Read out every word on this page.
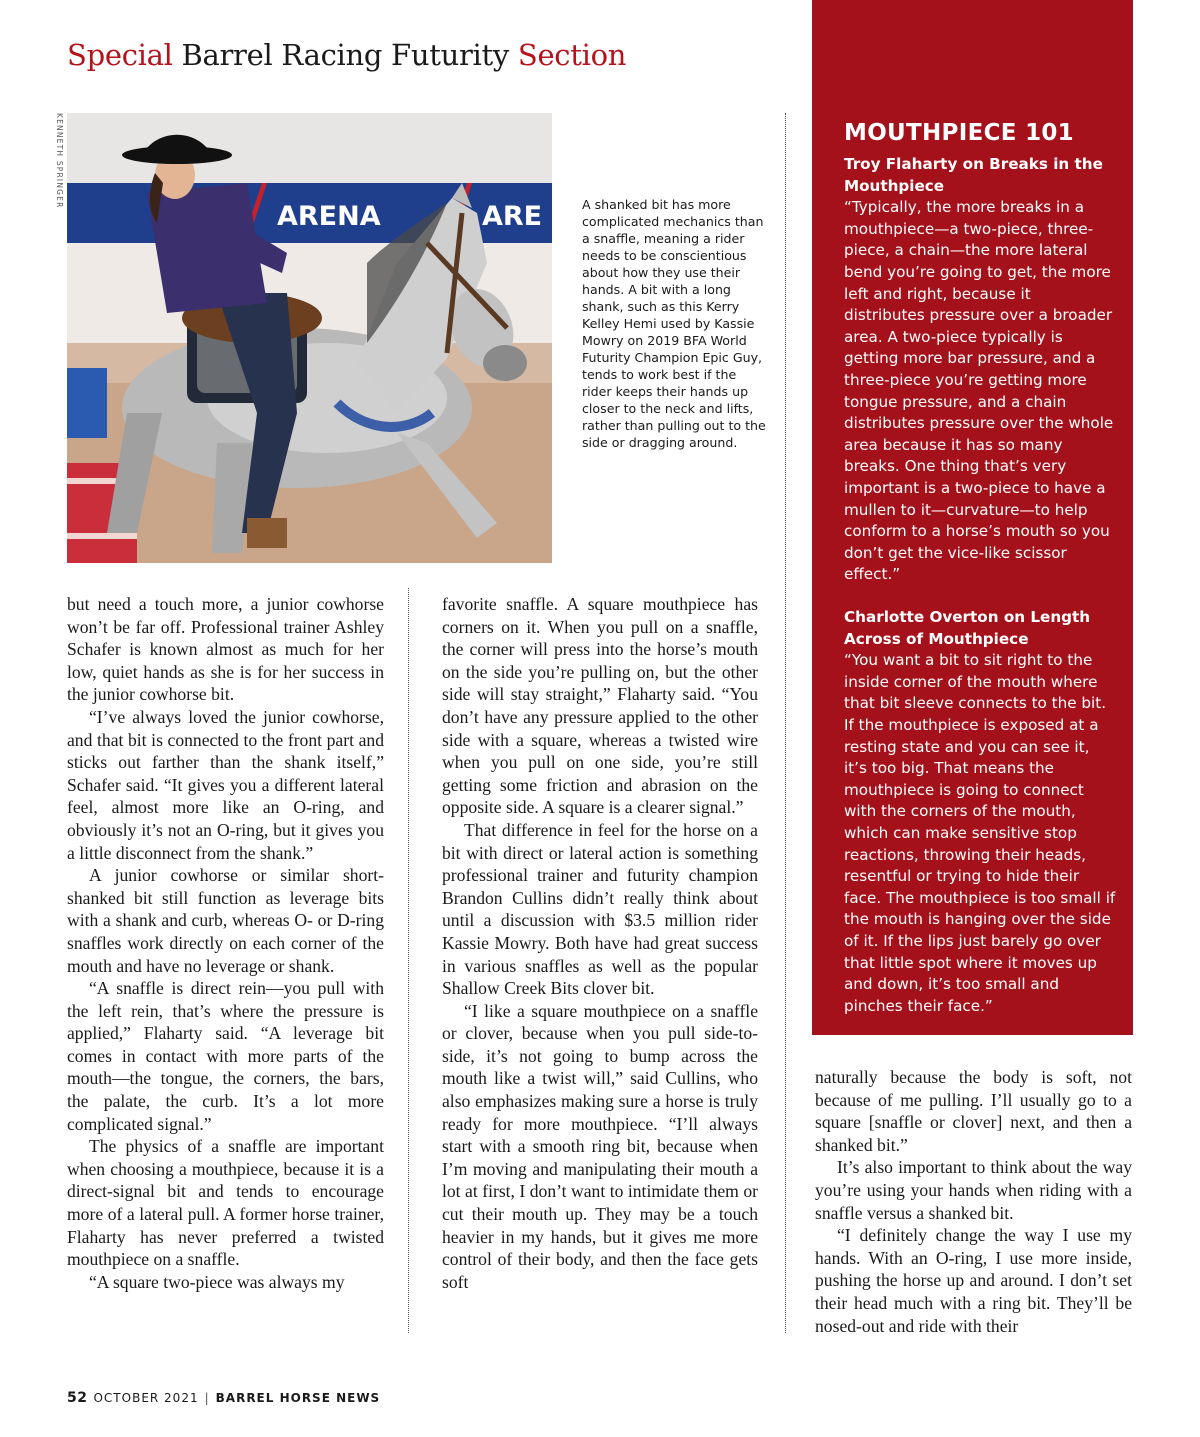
Special Barrel Racing Futurity Section
KENNETH SPRINGER
ARENA	ARE	A shanked bit has more complicated mechanics than a snaffle, meaning a rider needs to be conscientious about how they use their hands. A bit with a long shank, such as this Kerry Kelley Hemi used by Kassie Mowry on 2019 BFA World Futurity Champion Epic Guy, tends to work best if the rider keeps their hands up closer to the neck and lifts, rather than pulling out to the side or dragging around.

but need a touch more, a junior cowhorse won’t be far off. Professional trainer Ashley Schafer is known almost as much for her low, quiet hands as she is for her success in the junior cowhorse bit.

“I’ve always loved the junior cowhorse, and that bit is connected to the front part and sticks out farther than the shank itself,” Schafer said. “It gives you a different lateral feel, almost more like an O-ring, and obviously it’s not an O-ring, but it gives you a little disconnect from the shank.”

A junior cowhorse or similar short-shanked bit still function as leverage bits with a shank and curb, whereas O- or D-ring snaffles work directly on each corner of the mouth and have no leverage or shank.

“A snaffle is direct rein—you pull with the left rein, that’s where the pressure is applied,” Flaharty said. “A leverage bit comes in contact with more parts of the mouth—the tongue, the corners, the bars, the palate, the curb. It’s a lot more complicated signal.”

The physics of a snaffle are important when choosing a mouthpiece, because it is a direct-signal bit and tends to encourage more of a lateral pull. A former horse trainer, Flaharty has never preferred a twisted mouthpiece on a snaffle.

“A square two-piece was always my

favorite snaffle. A square mouthpiece has corners on it. When you pull on a snaffle, the corner will press into the horse’s mouth on the side you’re pulling on, but the other side will stay straight,” Flaharty said. “You don’t have any pressure applied to the other side with a square, whereas a twisted wire when you pull on one side, you’re still getting some friction and abrasion on the opposite side. A square is a clearer signal.”

That difference in feel for the horse on a bit with direct or lateral action is something professional trainer and futurity champion Brandon Cullins didn’t really think about until a discussion with $3.5 million rider Kassie Mowry. Both have had great success in various snaffles as well as the popular Shallow Creek Bits clover bit.

“I like a square mouthpiece on a snaffle or clover, because when you pull side-to-side, it’s not going to bump across the mouth like a twist will,” said Cullins, who also emphasizes making sure a horse is truly ready for more mouthpiece. “I’ll always start with a smooth ring bit, because when I’m moving and manipulating their mouth a lot at first, I don’t want to intimidate them or cut their mouth up. They may be a touch heavier in my hands, but it gives me more control of their body, and then the face gets soft

MOUTHPIECE 101
Troy Flaharty on Breaks in the Mouthpiece
“Typically, the more breaks in a mouthpiece—a two-piece, three-piece, a chain—the more lateral bend you’re going to get, the more left and right, because it distributes pressure over a broader area. A two-piece typically is getting more bar pressure, and a three-piece you’re getting more tongue pressure, and a chain distributes pressure over the whole area because it has so many breaks. One thing that’s very important is a two-piece to have a mullen to it—curvature—to help conform to a horse’s mouth so you don’t get the vice-like scissor effect.”
Charlotte Overton on Length Across of Mouthpiece
“You want a bit to sit right to the inside corner of the mouth where that bit sleeve connects to the bit. If the mouthpiece is exposed at a resting state and you can see it, it’s too big. That means the mouthpiece is going to connect with the corners of the mouth, which can make sensitive stop reactions, throwing their heads, resentful or trying to hide their face. The mouthpiece is too small if the mouth is hanging over the side of it. If the lips just barely go over that little spot where it moves up and down, it’s too small and pinches their face.”

naturally because the body is soft, not because of me pulling. I’ll usually go to a square [snaffle or clover] next, and then a shanked bit.”

It’s also important to think about the way you’re using your hands when riding with a snaffle versus a shanked bit.

“I definitely change the way I use my hands. With an O-ring, I use more inside, pushing the horse up and around. I don’t set their head much with a ring bit. They’ll be nosed-out and ride with their

52 OCTOBER 2021 | BARREL HORSE NEWS
